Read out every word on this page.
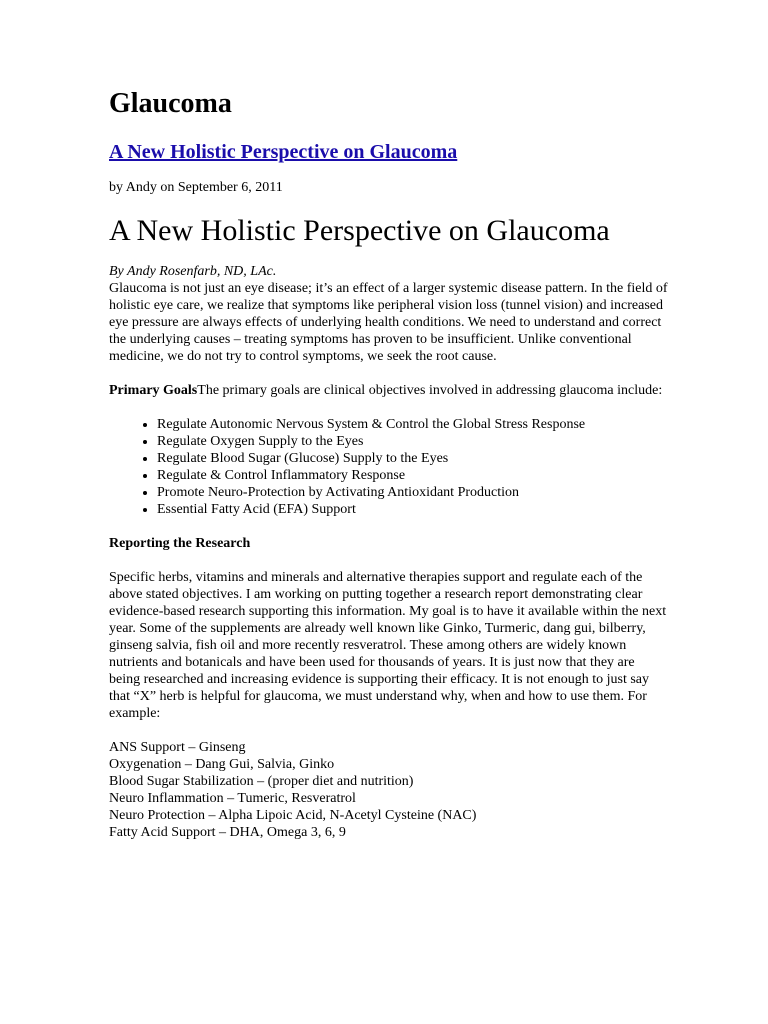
Glaucoma
A New Holistic Perspective on Glaucoma
by Andy on September 6, 2011
A New Holistic Perspective on Glaucoma
By Andy Rosenfarb, ND, LAc.

Glaucoma is not just an eye disease; it’s an effect of a larger systemic disease pattern. In the field of holistic eye care, we realize that symptoms like peripheral vision loss (tunnel vision) and increased eye pressure are always effects of underlying health conditions. We need to understand and correct the underlying causes – treating symptoms has proven to be insufficient. Unlike conventional medicine, we do not try to control symptoms, we seek the root cause.

Primary GoalsThe primary goals are clinical objectives involved in addressing glaucoma include:

• Regulate Autonomic Nervous System & Control the Global Stress Response
• Regulate Oxygen Supply to the Eyes
• Regulate Blood Sugar (Glucose) Supply to the Eyes
• Regulate & Control Inflammatory Response
• Promote Neuro-Protection by Activating Antioxidant Production
• Essential Fatty Acid (EFA) Support

Reporting the Research

Specific herbs, vitamins and minerals and alternative therapies support and regulate each of the above stated objectives. I am working on putting together a research report demonstrating clear evidence-based research supporting this information. My goal is to have it available within the next year. Some of the supplements are already well known like Ginko, Turmeric, dang gui, bilberry, ginseng salvia, fish oil and more recently resveratrol. These among others are widely known nutrients and botanicals and have been used for thousands of years. It is just now that they are being researched and increasing evidence is supporting their efficacy. It is not enough to just say that “X” herb is helpful for glaucoma, we must understand why, when and how to use them. For example:

ANS Support – Ginseng

Oxygenation – Dang Gui, Salvia, Ginko

Blood Sugar Stabilization – (proper diet and nutrition)

Neuro Inflammation – Tumeric, Resveratrol

Neuro Protection – Alpha Lipoic Acid, N-Acetyl Cysteine (NAC)

Fatty Acid Support – DHA, Omega 3, 6, 9
